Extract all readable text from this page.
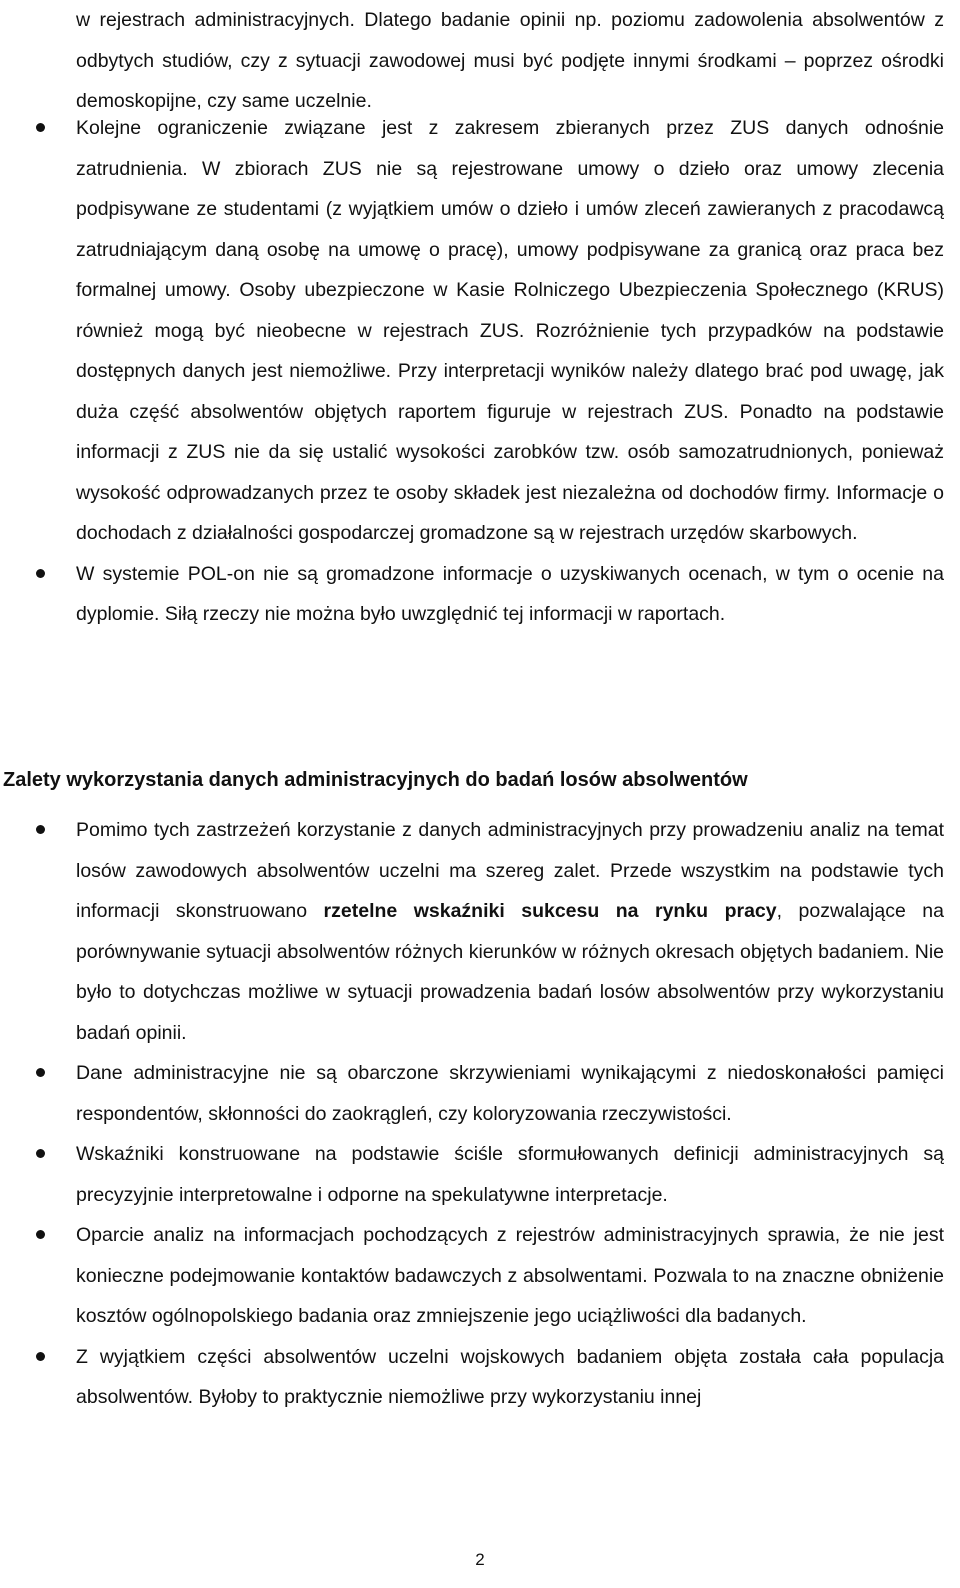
w rejestrach administracyjnych. Dlatego badanie opinii np. poziomu zadowolenia absolwentów z odbytych studiów, czy z sytuacji zawodowej musi być podjęte innymi środkami – poprzez ośrodki demoskopijne, czy same uczelnie.

Kolejne ograniczenie związane jest z zakresem zbieranych przez ZUS danych odnośnie zatrudnienia. W zbiorach ZUS nie są rejestrowane umowy o dzieło oraz umowy zlecenia podpisywane ze studentami (z wyjątkiem umów o dzieło i umów zleceń zawieranych z pracodawcą zatrudniającym daną osobę na umowę o pracę), umowy podpisywane za granicą oraz praca bez formalnej umowy. Osoby ubezpieczone w Kasie Rolniczego Ubezpieczenia Społecznego (KRUS) również mogą być nieobecne w rejestrach ZUS. Rozróżnienie tych przypadków na podstawie dostępnych danych jest niemożliwe. Przy interpretacji wyników należy dlatego brać pod uwagę, jak duża część absolwentów objętych raportem figuruje w rejestrach ZUS. Ponadto na podstawie informacji z ZUS nie da się ustalić wysokości zarobków tzw. osób samozatrudnionych, ponieważ wysokość odprowadzanych przez te osoby składek jest niezależna od dochodów firmy. Informacje o dochodach z działalności gospodarczej gromadzone są w rejestrach urzędów skarbowych.
W systemie POL-on nie są gromadzone informacje o uzyskiwanych ocenach, w tym o ocenie na dyplomie. Siłą rzeczy nie można było uwzględnić tej informacji w raportach.
Zalety wykorzystania danych administracyjnych do badań losów absolwentów
Pomimo tych zastrzeżeń korzystanie z danych administracyjnych przy prowadzeniu analiz na temat losów zawodowych absolwentów uczelni ma szereg zalet. Przede wszystkim na podstawie tych informacji skonstruowano rzetelne wskaźniki sukcesu na rynku pracy, pozwalające na porównywanie sytuacji absolwentów różnych kierunków w różnych okresach objętych badaniem. Nie było to dotychczas możliwe w sytuacji prowadzenia badań losów absolwentów przy wykorzystaniu badań opinii.
Dane administracyjne nie są obarczone skrzywieniami wynikającymi z niedoskonałości pamięci respondentów, skłonności do zaokrągleń, czy koloryzowania rzeczywistości.
Wskaźniki konstruowane na podstawie ściśle sformułowanych definicji administracyjnych są precyzyjnie interpretowalne i odporne na spekulatywne interpretacje.
Oparcie analiz na informacjach pochodzących z rejestrów administracyjnych sprawia, że nie jest konieczne podejmowanie kontaktów badawczych z absolwentami. Pozwala to na znaczne obniżenie kosztów ogólnopolskiego badania oraz zmniejszenie jego uciążliwości dla badanych.
Z wyjątkiem części absolwentów uczelni wojskowych badaniem objęta została cała populacja absolwentów. Byłoby to praktycznie niemożliwe przy wykorzystaniu innej
2
